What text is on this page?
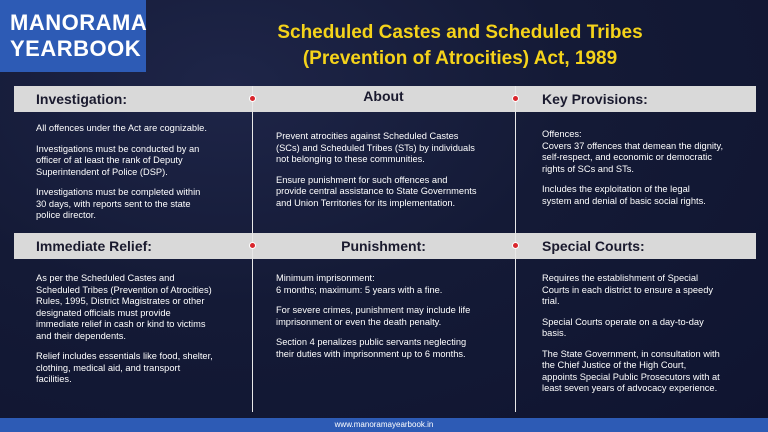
MANORAMA
YEARBOOK
Scheduled Castes and Scheduled Tribes
(Prevention of Atrocities) Act, 1989
Investigation:	About	Key Provisions:
Immediate Relief:	Punishment:	Special Courts:

All offences under the Act are cognizable.

Investigations must be conducted by an
officer of at least the rank of Deputy
Superintendent of Police (DSP).

Investigations must be completed within
30 days, with reports sent to the state
police director.

Prevent atrocities against Scheduled Castes
(SCs) and Scheduled Tribes (STs) by individuals
not belonging to these communities.

Ensure punishment for such offences and
provide central assistance to State Governments
and Union Territories for its implementation.

Offences:
Covers 37 offences that demean the dignity,
self-respect, and economic or democratic
rights of SCs and STs.

Includes the exploitation of the legal
system and denial of basic social rights.

As per the Scheduled Castes and
Scheduled Tribes (Prevention of Atrocities)
Rules, 1995, District Magistrates or other
designated officials must provide
immediate relief in cash or kind to victims
and their dependents.

Relief includes essentials like food, shelter,
clothing, medical aid, and transport
facilities.

Minimum imprisonment:
6 months; maximum: 5 years with a fine.

For severe crimes, punishment may include life
imprisonment or even the death penalty.

Section 4 penalizes public servants neglecting
their duties with imprisonment up to 6 months.

Requires the establishment of Special
Courts in each district to ensure a speedy
trial.

Special Courts operate on a day-to-day
basis.

The State Government, in consultation with
the Chief Justice of the High Court,
appoints Special Public Prosecutors with at
least seven years of advocacy experience.

www.manoramayearbook.in
